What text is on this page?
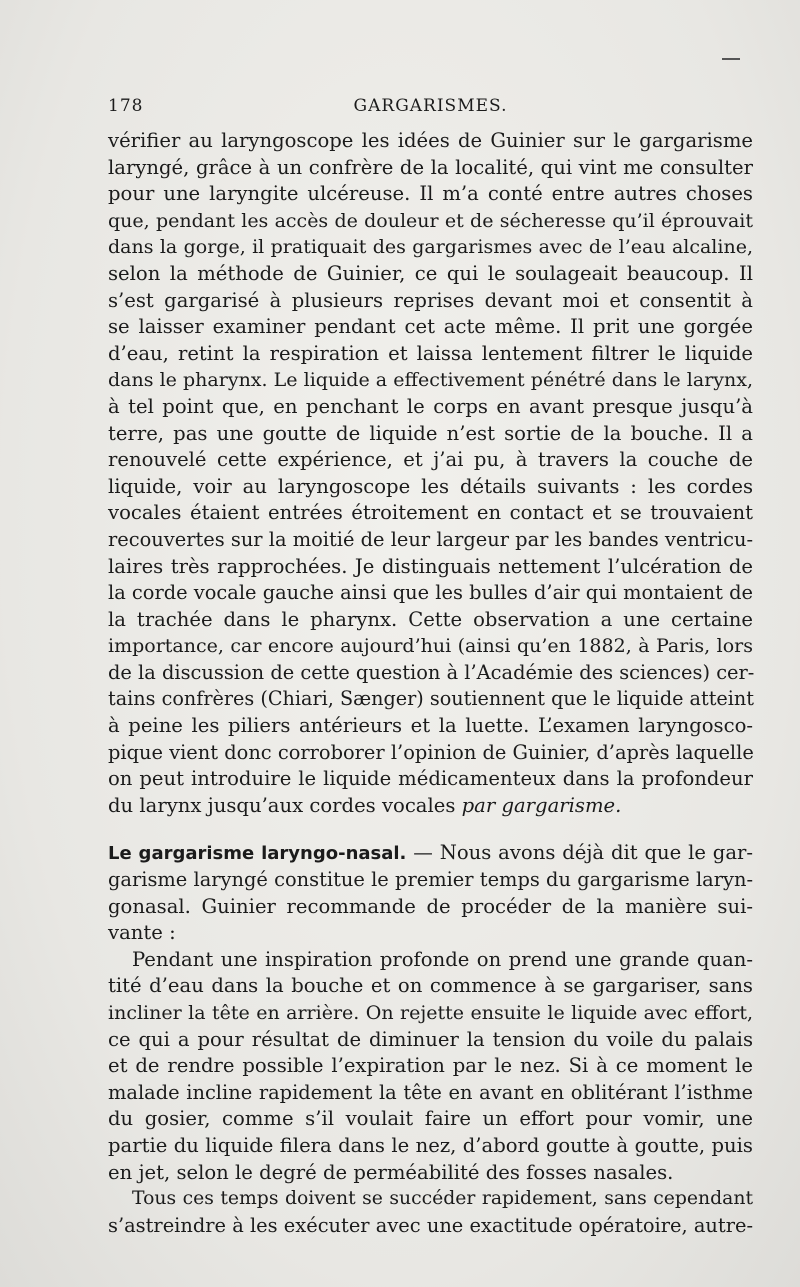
178	GARGARISMES.
vérifier au laryngoscope les idées de Guinier sur le gargarisme
laryngé, grâce à un confrère de la localité, qui vint me consulter
pour une laryngite ulcéreuse. Il m’a conté entre autres choses
que, pendant les accès de douleur et de sécheresse qu’il éprouvait
dans la gorge, il pratiquait des gargarismes avec de l’eau alcaline,
selon la méthode de Guinier, ce qui le soulageait beaucoup. Il
s’est gargarisé à plusieurs reprises devant moi et consentit à
se laisser examiner pendant cet acte même. Il prit une gorgée
d’eau, retint la respiration et laissa lentement filtrer le liquide
dans le pharynx. Le liquide a effectivement pénétré dans le larynx,
à tel point que, en penchant le corps en avant presque jusqu’à
terre, pas une goutte de liquide n’est sortie de la bouche. Il a
renouvelé cette expérience, et j’ai pu, à travers la couche de
liquide, voir au laryngoscope les détails suivants : les cordes
vocales étaient entrées étroitement en contact et se trouvaient
recouvertes sur la moitié de leur largeur par les bandes ventricu-
laires très rapprochées. Je distinguais nettement l’ulcération de
la corde vocale gauche ainsi que les bulles d’air qui montaient de
la trachée dans le pharynx. Cette observation a une certaine
importance, car encore aujourd’hui (ainsi qu’en 1882, à Paris, lors
de la discussion de cette question à l’Académie des sciences) cer-
tains confrères (Chiari, Sænger) soutiennent que le liquide atteint
à peine les piliers antérieurs et la luette. L’examen laryngosco-
pique vient donc corroborer l’opinion de Guinier, d’après laquelle
on peut introduire le liquide médicamenteux dans la profondeur
du larynx jusqu’aux cordes vocales par gargarisme.
Le gargarisme laryngo-nasal. — Nous avons déjà dit que le gar-
garisme laryngé constitue le premier temps du gargarisme laryn-
gonasal. Guinier recommande de procéder de la manière sui-
vante :
Pendant une inspiration profonde on prend une grande quan-
tité d’eau dans la bouche et on commence à se gargariser, sans
incliner la tête en arrière. On rejette ensuite le liquide avec effort,
ce qui a pour résultat de diminuer la tension du voile du palais
et de rendre possible l’expiration par le nez. Si à ce moment le
malade incline rapidement la tête en avant en oblitérant l’isthme
du gosier, comme s’il voulait faire un effort pour vomir, une
partie du liquide filera dans le nez, d’abord goutte à goutte, puis
en jet, selon le degré de perméabilité des fosses nasales.
Tous ces temps doivent se succéder rapidement, sans cependant
s’astreindre à les exécuter avec une exactitude opératoire, autre-
